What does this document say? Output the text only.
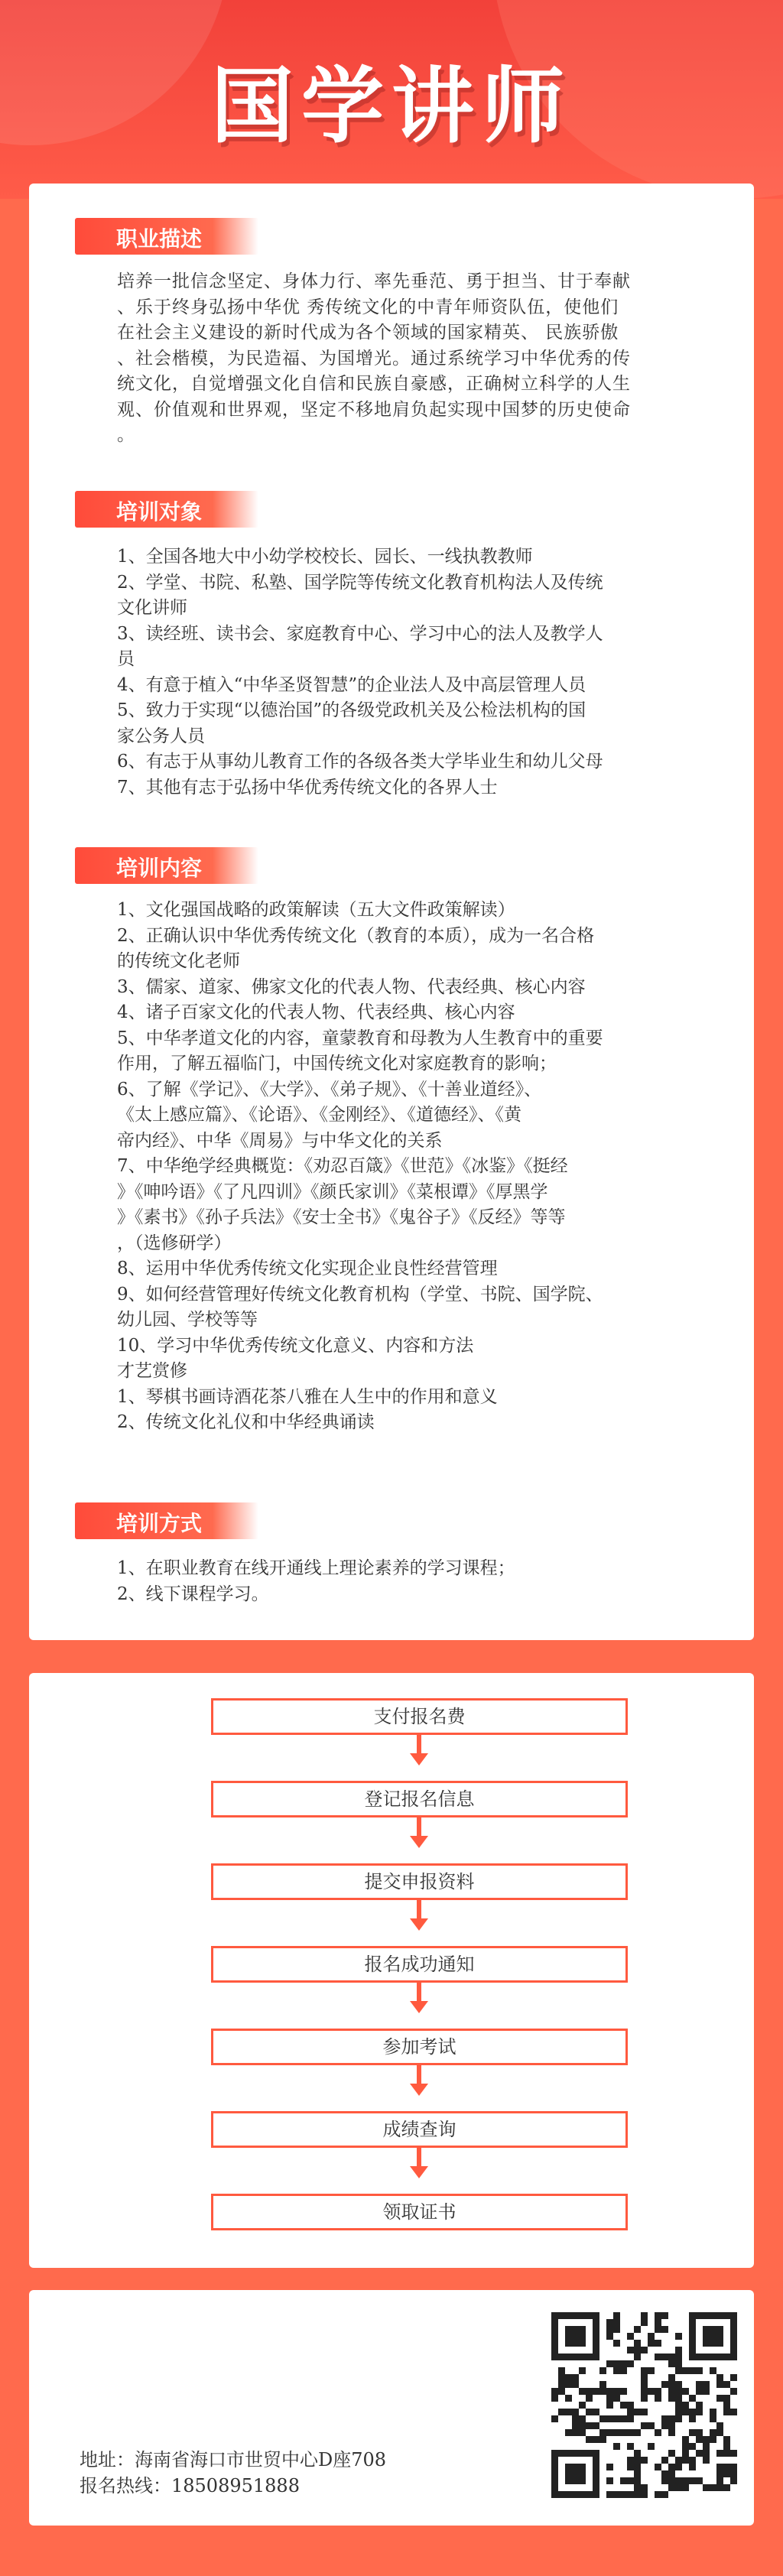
国学讲师
职业描述

培养一批信念坚定、身体力行、率先垂范、勇于担当、甘于奉献

、乐于终身弘扬中华优 秀传统文化的中青年师资队伍，使他们

在社会主义建设的新时代成为各个领域的国家精英、 民族骄傲

、社会楷模，为民造福、为国增光。通过系统学习中华优秀的传

统文化，自觉增强文化自信和民族自豪感，正确树立科学的人生

观、价值观和世界观，坚定不移地肩负起实现中国梦的历史使命

。

培训对象

1、全国各地大中小幼学校校长、园长、一线执教教师

2、学堂、书院、私塾、国学院等传统文化教育机构法人及传统

文化讲师

3、读经班、读书会、家庭教育中心、学习中心的法人及教学人

员

4、有意于植入“中华圣贤智慧”的企业法人及中高层管理人员

5、致力于实现“以德治国”的各级党政机关及公检法机构的国

家公务人员

6、有志于从事幼儿教育工作的各级各类大学毕业生和幼儿父母

7、其他有志于弘扬中华优秀传统文化的各界人士

培训内容

1、文化强国战略的政策解读（五大文件政策解读）

2、正确认识中华优秀传统文化（教育的本质），成为一名合格

的传统文化老师

3、儒家、道家、佛家文化的代表人物、代表经典、核心内容

4、诸子百家文化的代表人物、代表经典、核心内容

5、中华孝道文化的内容，童蒙教育和母教为人生教育中的重要

作用，了解五福临门，中国传统文化对家庭教育的影响；

6、了解《学记》、《大学》、《弟子规》、《十善业道经》、

《太上感应篇》、《论语》、《金刚经》、《道德经》、《黄

帝内经》、中华《周易》与中华文化的关系

7、中华绝学经典概览：《劝忍百箴》《世范》《冰鉴》《挺经

》《呻吟语》《了凡四训》《颜氏家训》《菜根谭》《厚黑学

》《素书》《孙子兵法》《安士全书》《鬼谷子》《反经》等等

，（选修研学）

8、运用中华优秀传统文化实现企业良性经营管理

9、如何经营管理好传统文化教育机构（学堂、书院、国学院、

幼儿园、学校等等

10、学习中华优秀传统文化意义、内容和方法

才艺赏修

1、琴棋书画诗酒花茶八雅在人生中的作用和意义

2、传统文化礼仪和中华经典诵读

培训方式

1、在职业教育在线开通线上理论素养的学习课程；

2、线下课程学习。

支付报名费
登记报名信息
提交申报资料
报名成功通知
参加考试
成绩查询
领取证书
地址：海南省海口市世贸中心D座708
报名热线：18508951888
